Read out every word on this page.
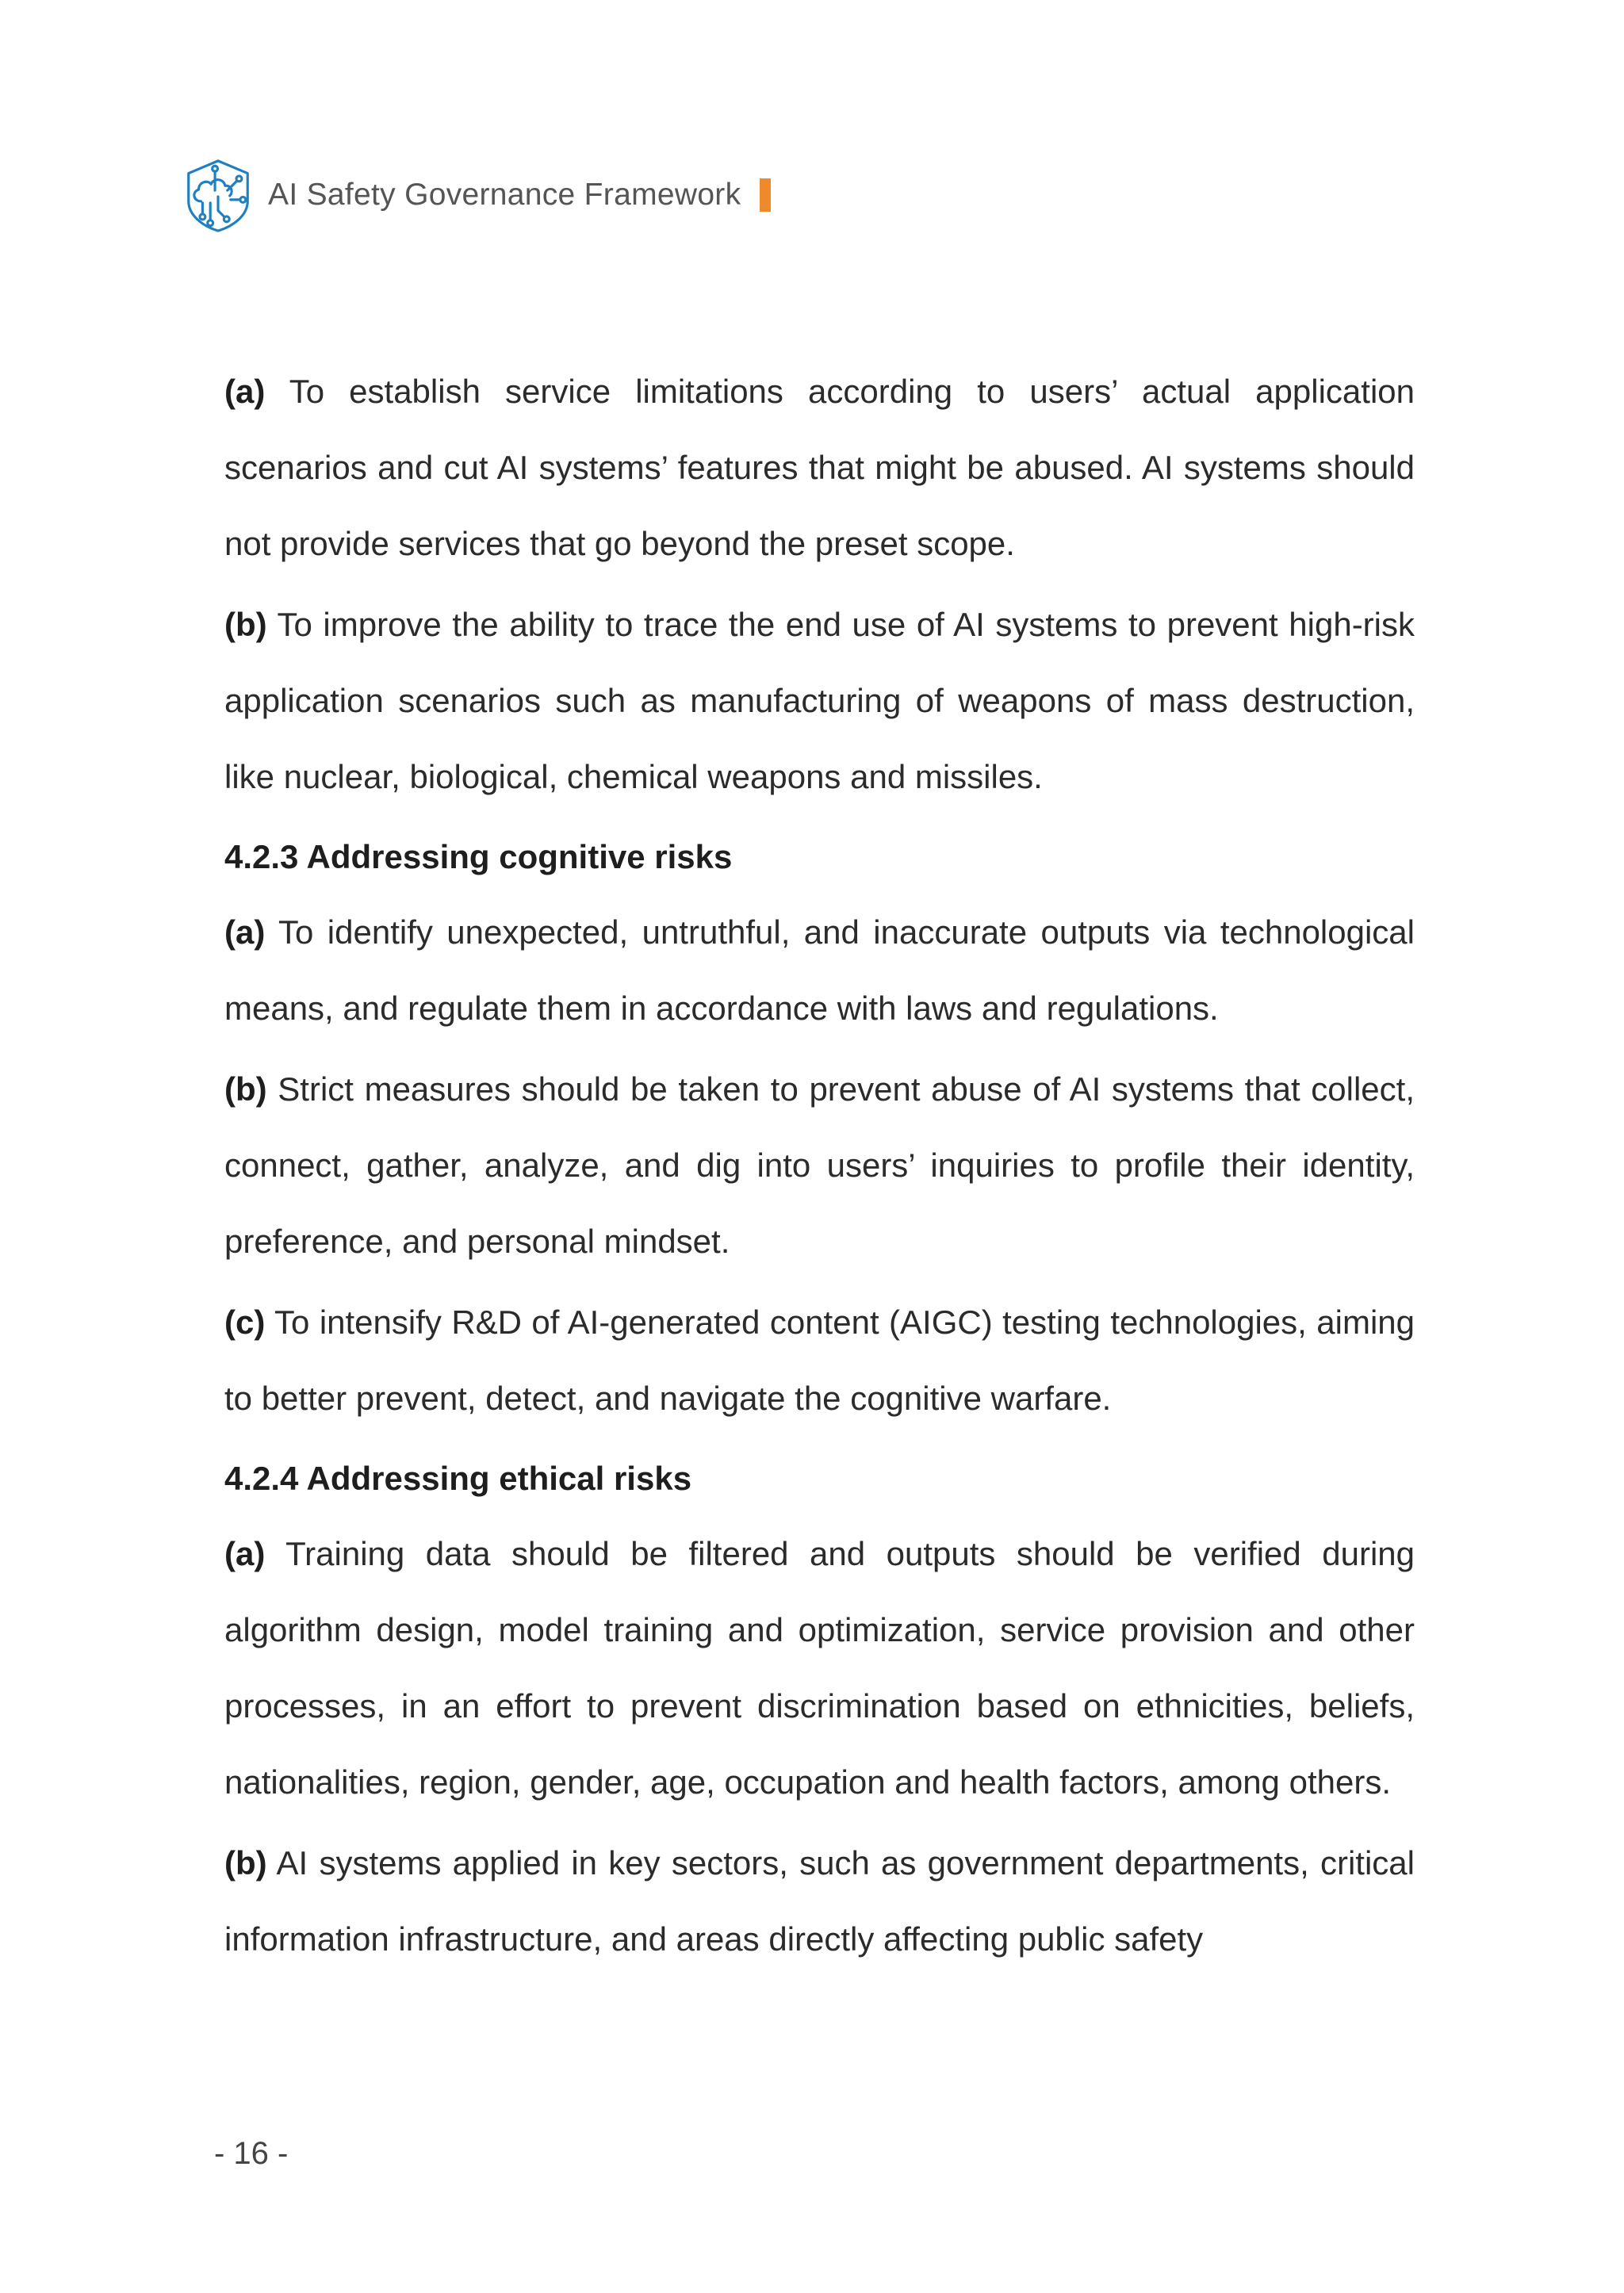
AI Safety Governance Framework

(a) To establish service limitations according to users’ actual application scenarios and cut AI systems’ features that might be abused. AI systems should not provide services that go beyond the preset scope.

(b) To improve the ability to trace the end use of AI systems to prevent high-risk application scenarios such as manufacturing of weapons of mass destruction, like nuclear, biological, chemical weapons and missiles.

4.2.3 Addressing cognitive risks

(a) To identify unexpected, untruthful, and inaccurate outputs via technological means, and regulate them in accordance with laws and regulations.

(b) Strict measures should be taken to prevent abuse of AI systems that collect, connect, gather, analyze, and dig into users’ inquiries to profile their identity, preference, and personal mindset.

(c) To intensify R&D of AI-generated content (AIGC) testing technologies, aiming to better prevent, detect, and navigate the cognitive warfare.

4.2.4 Addressing ethical risks

(a) Training data should be filtered and outputs should be verified during algorithm design, model training and optimization, service provision and other processes, in an effort to prevent discrimination based on ethnicities, beliefs, nationalities, region, gender, age, occupation and health factors, among others.

(b) AI systems applied in key sectors, such as government departments, critical information infrastructure, and areas directly affecting public safety

- 16 -
